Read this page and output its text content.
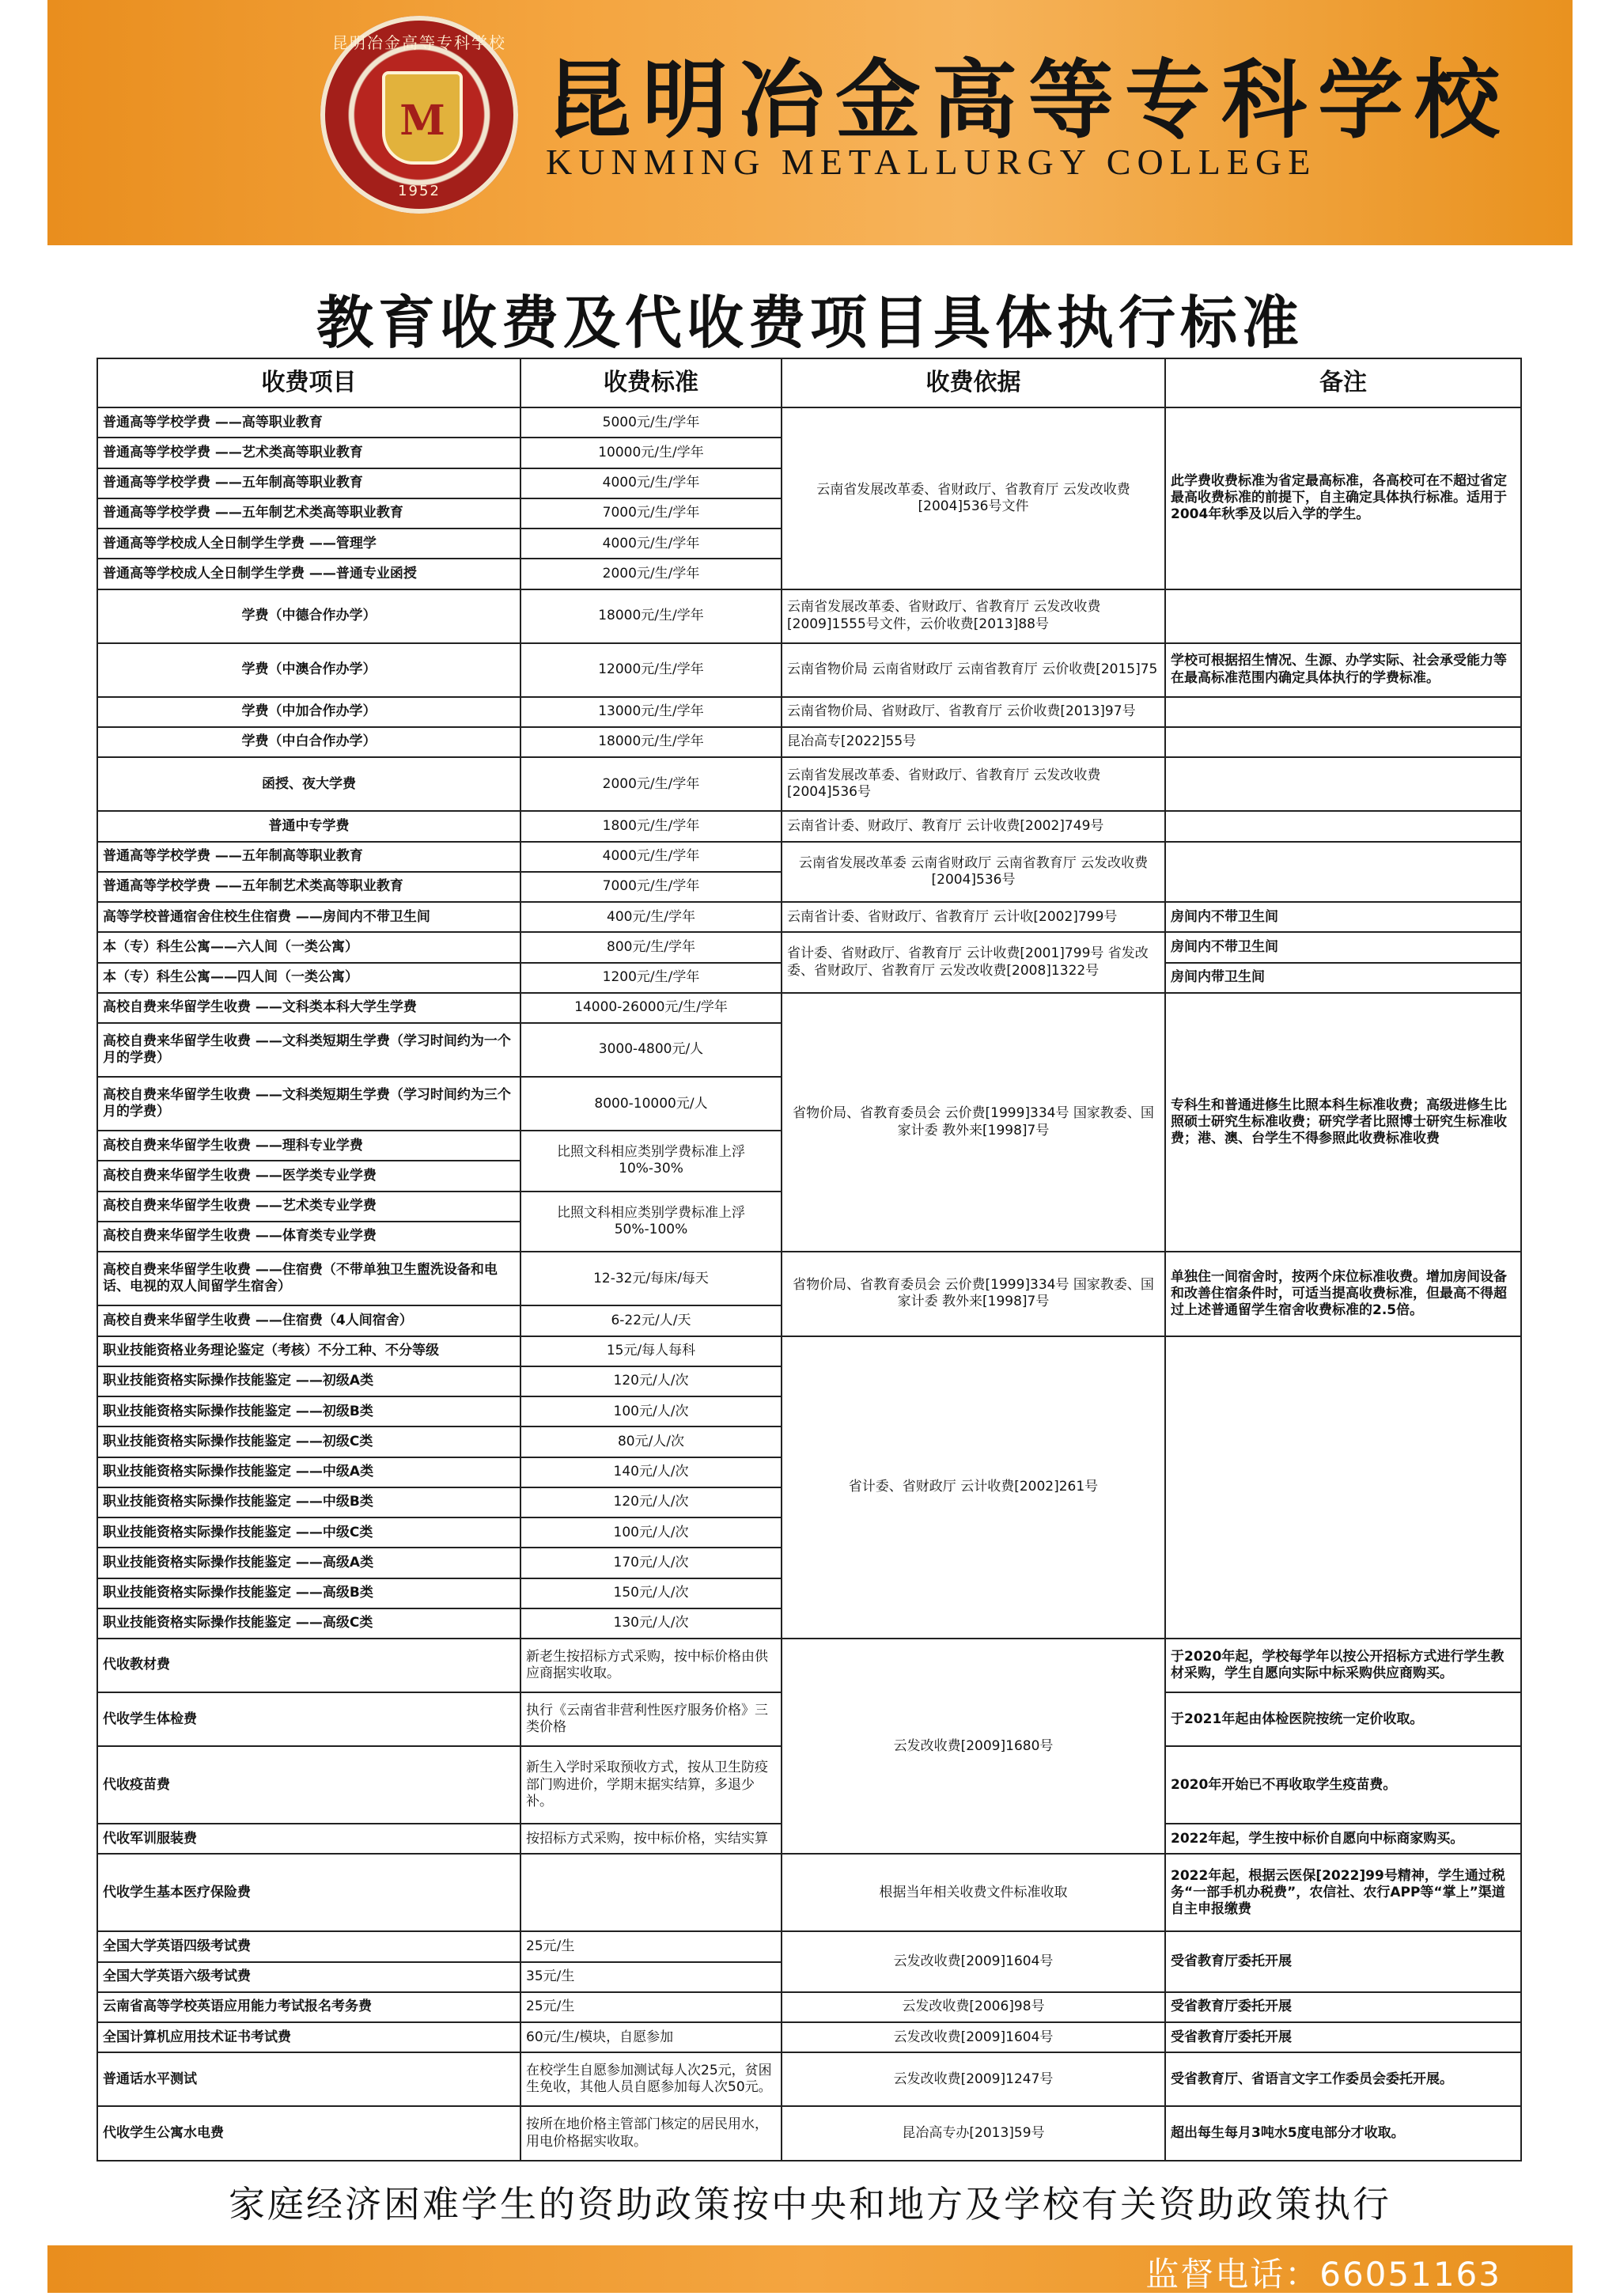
昆明冶金高等专科学校
M
1952
昆明冶金高等专科学校
KUNMING METALLURGY COLLEGE
教育收费及代收费项目具体执行标准
收费项目	收费标准	收费依据	备注
普通高等学校学费 ——高等职业教育	5000元/生/学年	云南省发展改革委、省财政厅、省教育厅 云发改收费[2004]536号文件	此学费收费标准为省定最高标准，各高校可在不超过省定最高收费标准的前提下，自主确定具体执行标准。适用于2004年秋季及以后入学的学生。
普通高等学校学费 ——艺术类高等职业教育	10000元/生/学年		
普通高等学校学费 ——五年制高等职业教育	4000元/生/学年		
普通高等学校学费 ——五年制艺术类高等职业教育	7000元/生/学年		
普通高等学校成人全日制学生学费 ——管理学	4000元/生/学年		
普通高等学校成人全日制学生学费 ——普通专业函授	2000元/生/学年		
学费（中德合作办学）	18000元/生/学年	云南省发展改革委、省财政厅、省教育厅 云发改收费[2009]1555号文件，云价收费[2013]88号	
学费（中澳合作办学）	12000元/生/学年	云南省物价局 云南省财政厅 云南省教育厅 云价收费[2015]75	学校可根据招生情况、生源、办学实际、社会承受能力等在最高标准范围内确定具体执行的学费标准。
学费（中加合作办学）	13000元/生/学年	云南省物价局、省财政厅、省教育厅 云价收费[2013]97号	
学费（中白合作办学）	18000元/生/学年	昆冶高专[2022]55号	
函授、夜大学费	2000元/生/学年	云南省发展改革委、省财政厅、省教育厅 云发改收费[2004]536号	
普通中专学费	1800元/生/学年	云南省计委、财政厅、教育厅 云计收费[2002]749号	
普通高等学校学费 ——五年制高等职业教育	4000元/生/学年	云南省发展改革委 云南省财政厅 云南省教育厅 云发改收费[2004]536号	
普通高等学校学费 ——五年制艺术类高等职业教育	7000元/生/学年		
高等学校普通宿舍住校生住宿费 ——房间内不带卫生间	400元/生/学年	云南省计委、省财政厅、省教育厅 云计收[2002]799号	房间内不带卫生间
本（专）科生公寓——六人间（一类公寓）	800元/生/学年	省计委、省财政厅、省教育厅 云计收费[2001]799号 省发改委、省财政厅、省教育厅 云发改收费[2008]1322号	房间内不带卫生间
本（专）科生公寓——四人间（一类公寓）	1200元/生/学年		房间内带卫生间
高校自费来华留学生收费 ——文科类本科大学生学费	14000-26000元/生/学年	省物价局、省教育委员会 云价费[1999]334号 国家教委、国家计委 教外来[1998]7号	专科生和普通进修生比照本科生标准收费；高级进修生比照硕士研究生标准收费；研究学者比照博士研究生标准收费；港、澳、台学生不得参照此收费标准收费
高校自费来华留学生收费 ——文科类短期生学费（学习时间约为一个月的学费）	3000-4800元/人		
高校自费来华留学生收费 ——文科类短期生学费（学习时间约为三个月的学费）	8000-10000元/人		
高校自费来华留学生收费 ——理科专业学费	比照文科相应类别学费标准上浮10%-30%		
高校自费来华留学生收费 ——医学类专业学费			
高校自费来华留学生收费 ——艺术类专业学费	比照文科相应类别学费标准上浮50%-100%		
高校自费来华留学生收费 ——体育类专业学费			
高校自费来华留学生收费 ——住宿费（不带单独卫生盥洗设备和电话、电视的双人间留学生宿舍）	12-32元/每床/每天	省物价局、省教育委员会 云价费[1999]334号 国家教委、国家计委 教外来[1998]7号	单独住一间宿舍时，按两个床位标准收费。增加房间设备和改善住宿条件时，可适当提高收费标准，但最高不得超过上述普通留学生宿舍收费标准的2.5倍。
高校自费来华留学生收费 ——住宿费（4人间宿舍）	6-22元/人/天		
职业技能资格业务理论鉴定（考核）不分工种、不分等级	15元/每人每科	省计委、省财政厅 云计收费[2002]261号	
职业技能资格实际操作技能鉴定 ——初级A类	120元/人/次		
职业技能资格实际操作技能鉴定 ——初级B类	100元/人/次		
职业技能资格实际操作技能鉴定 ——初级C类	80元/人/次		
职业技能资格实际操作技能鉴定 ——中级A类	140元/人/次		
职业技能资格实际操作技能鉴定 ——中级B类	120元/人/次		
职业技能资格实际操作技能鉴定 ——中级C类	100元/人/次		
职业技能资格实际操作技能鉴定 ——高级A类	170元/人/次		
职业技能资格实际操作技能鉴定 ——高级B类	150元/人/次		
职业技能资格实际操作技能鉴定 ——高级C类	130元/人/次		
代收教材费	新老生按招标方式采购，按中标价格由供应商据实收取。	云发改收费[2009]1680号	于2020年起，学校每学年以按公开招标方式进行学生教材采购，学生自愿向实际中标采购供应商购买。
代收学生体检费	执行《云南省非营利性医疗服务价格》三类价格		于2021年起由体检医院按统一定价收取。
代收疫苗费	新生入学时采取预收方式，按从卫生防疫部门购进价，学期末据实结算，多退少补。		2020年开始已不再收取学生疫苗费。
代收军训服装费	按招标方式采购，按中标价格，实结实算		2022年起，学生按中标价自愿向中标商家购买。
代收学生基本医疗保险费		根据当年相关收费文件标准收取	2022年起，根据云医保[2022]99号精神，学生通过税务“一部手机办税费”，农信社、农行APP等“掌上”渠道自主申报缴费
全国大学英语四级考试费	25元/生	云发改收费[2009]1604号	受省教育厅委托开展
全国大学英语六级考试费	35元/生		
云南省高等学校英语应用能力考试报名考务费	25元/生	云发改收费[2006]98号	受省教育厅委托开展
全国计算机应用技术证书考试费	60元/生/模块，自愿参加	云发改收费[2009]1604号	受省教育厅委托开展
普通话水平测试	在校学生自愿参加测试每人次25元，贫困生免收，其他人员自愿参加每人次50元。	云发改收费[2009]1247号	受省教育厅、省语言文字工作委员会委托开展。
代收学生公寓水电费	按所在地价格主管部门核定的居民用水，用电价格据实收取。	昆冶高专办[2013]59号	超出每生每月3吨水5度电部分才收取。
家庭经济困难学生的资助政策按中央和地方及学校有关资助政策执行
监督电话：66051163
